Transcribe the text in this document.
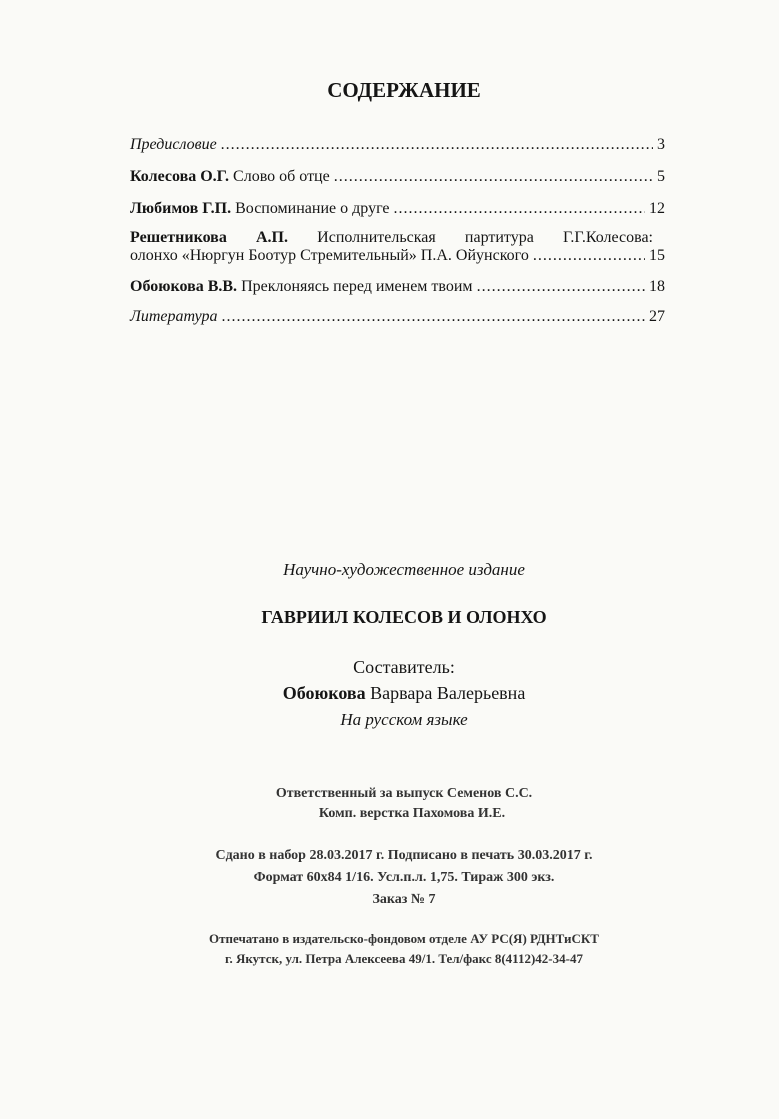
СОДЕРЖАНИЕ
Предисловие .....	3
Колесова О.Г. Слово об отце .....	5
Любимов Г.П. Воспоминание о друге .....	12
Решетникова А.П. Исполнительская партитура Г.Г.Колесова:
олонхо «Нюргун Боотур Стремительный» П.А. Ойунского .....	15
Обоюкова В.В. Преклоняясь перед именем твоим .....	18
Литература .....	27
Научно-художественное издание
ГАВРИИЛ КОЛЕСОВ И ОЛОНХО
Составитель:
Обоюкова Варвара Валерьевна
На русском языке
Ответственный за выпуск Семенов С.С.
Комп. верстка Пахомова И.Е.
Сдано в набор 28.03.2017 г. Подписано в печать 30.03.2017 г.
Формат 60х84 1/16. Усл.п.л. 1,75. Тираж 300 экз.
Заказ № 7
Отпечатано в издательско-фондовом отделе АУ РС(Я) РДНТиСКТ
г. Якутск, ул. Петра Алексеева 49/1. Тел/факс 8(4112)42-34-47
